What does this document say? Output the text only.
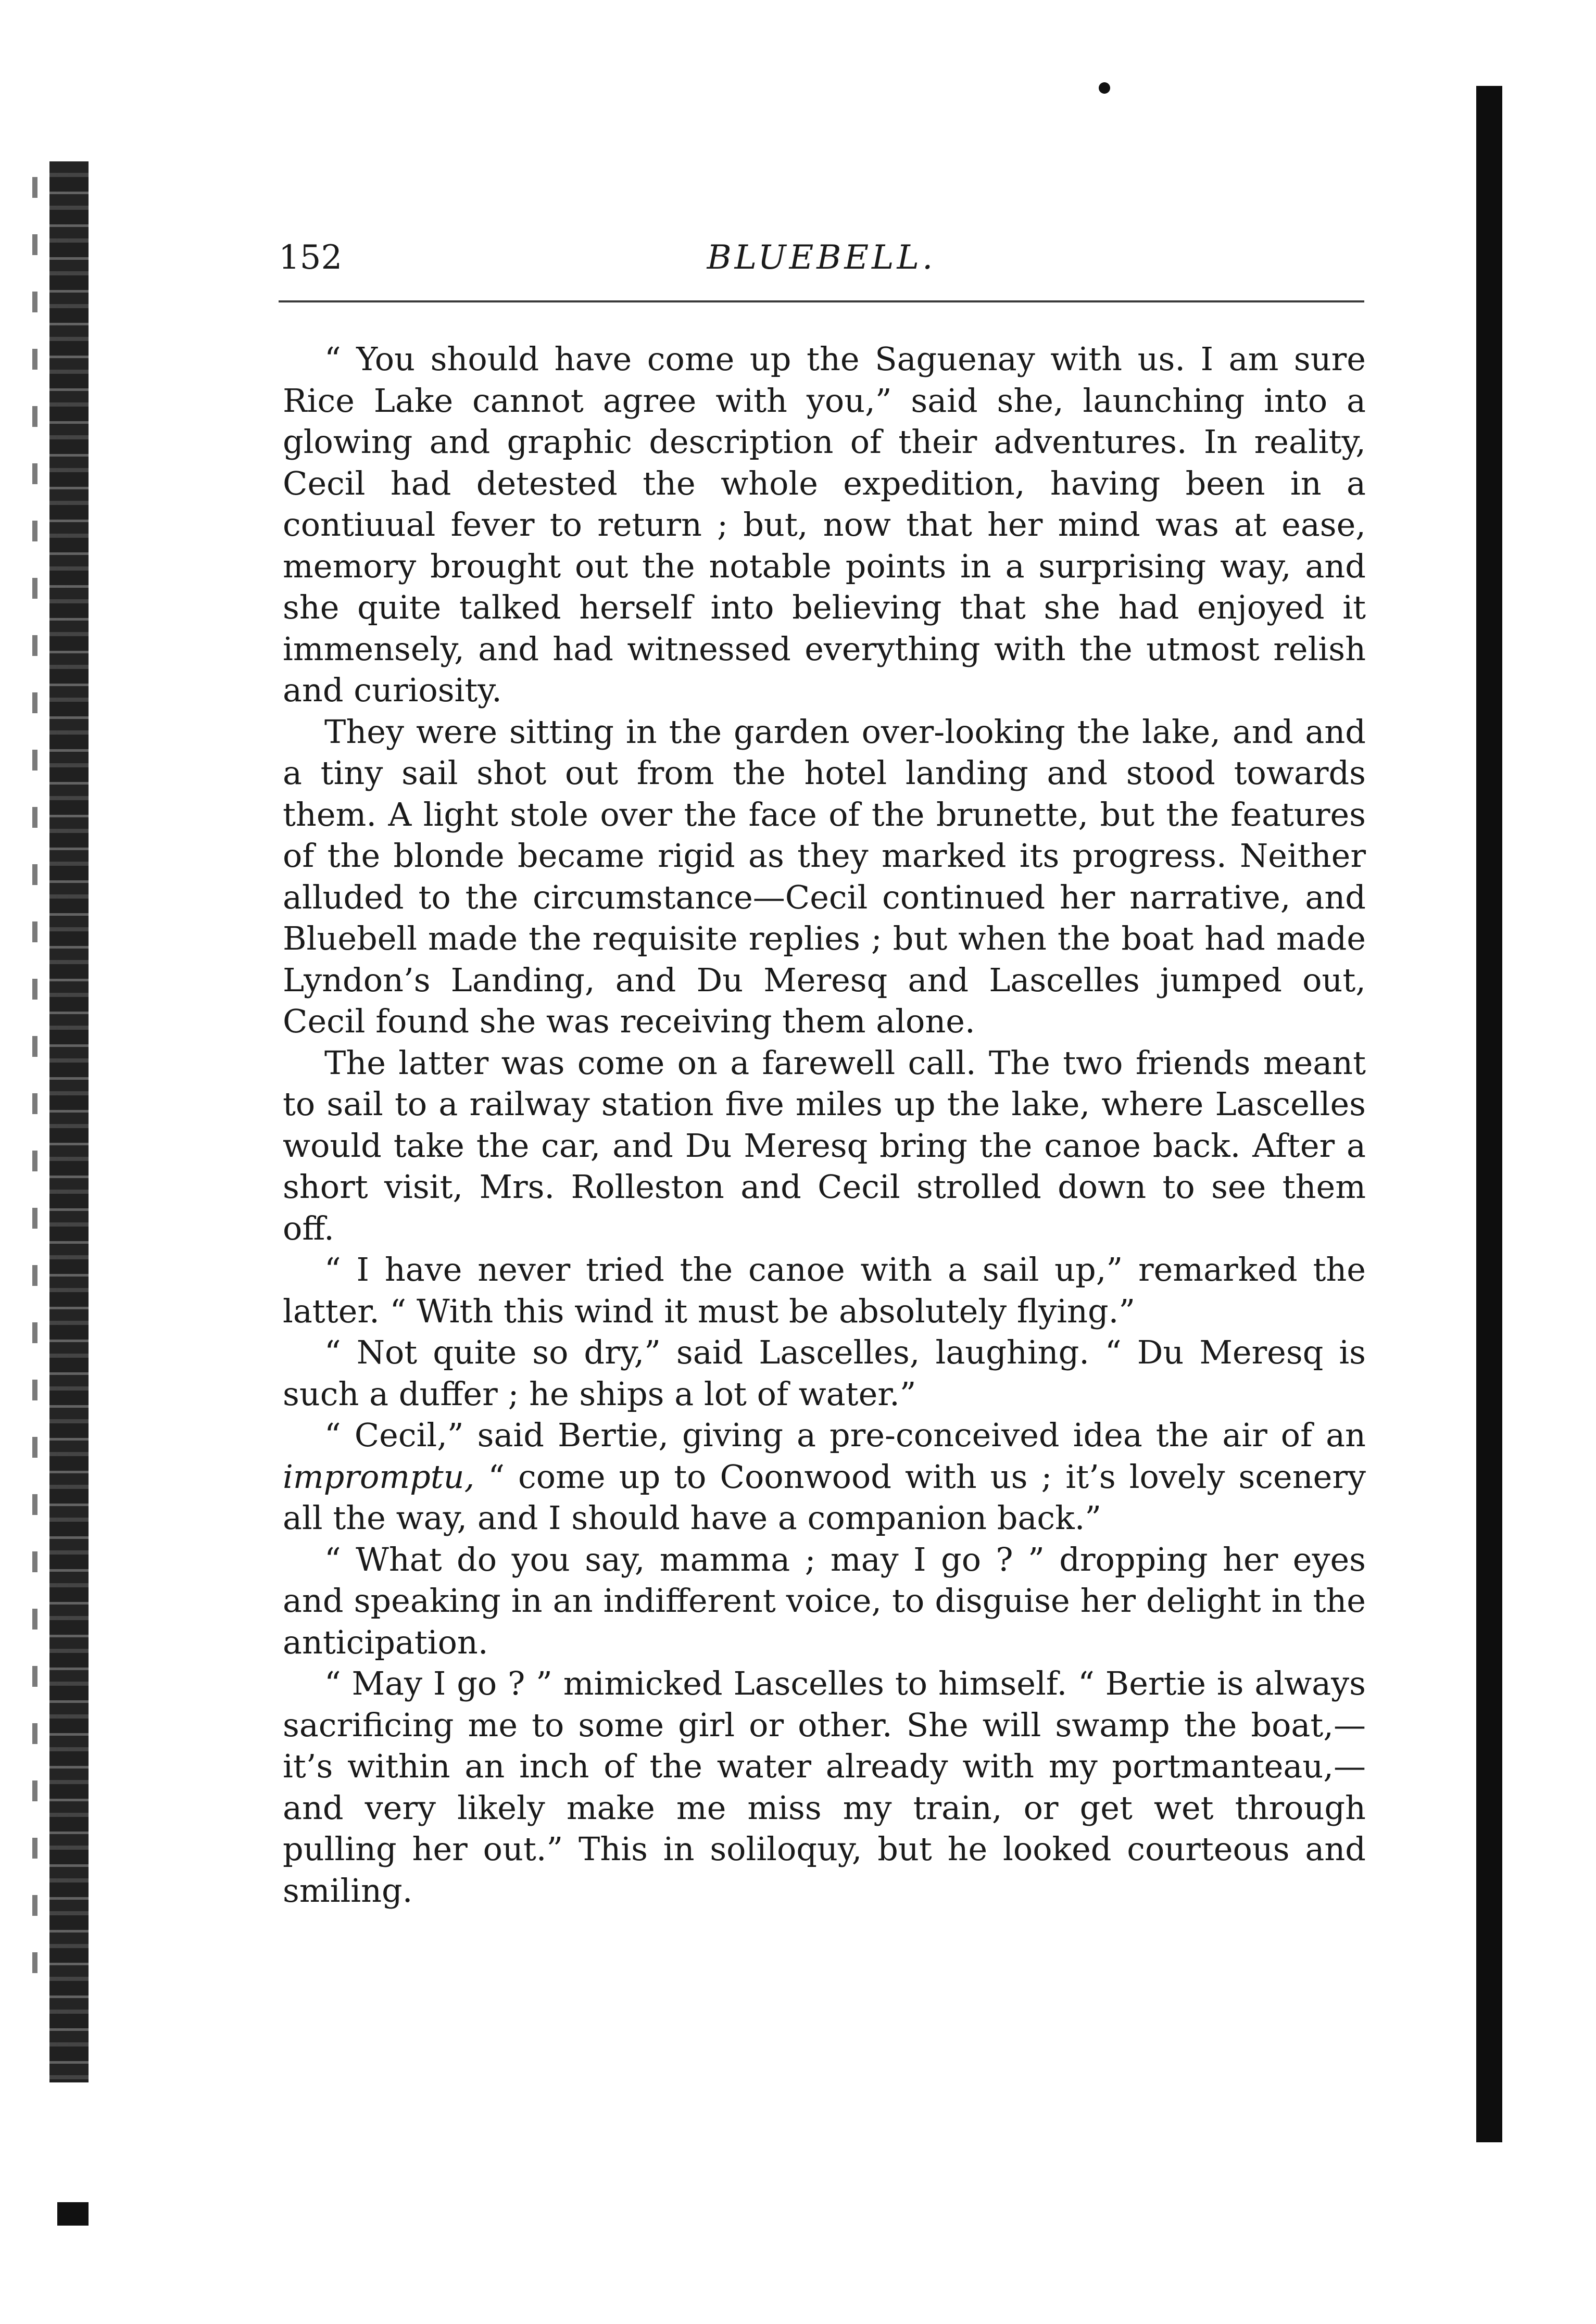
152	BLUEBELL.

“ You should have come up the Saguenay with us. I am sure Rice Lake cannot agree with you,” said she, launching into a glowing and graphic description of their adventures. In reality, Cecil had detested the whole expedition, having been in a contiuual fever to return ; but, now that her mind was at ease, memory brought out the notable points in a surprising way, and she quite talked herself into believing that she had enjoyed it immensely, and had witnessed everything with the utmost relish and curiosity.

They were sitting in the garden over-looking the lake, and and a tiny sail shot out from the hotel landing and stood towards them. A light stole over the face of the brunette, but the features of the blonde became rigid as they marked its progress. Neither alluded to the circumstance—Cecil continued her narrative, and Bluebell made the requisite replies ; but when the boat had made Lyndon’s Landing, and Du Meresq and Lascelles jumped out, Cecil found she was receiving them alone.

The latter was come on a farewell call. The two friends meant to sail to a railway station five miles up the lake, where Lascelles would take the car, and Du Meresq bring the canoe back. After a short visit, Mrs. Rolleston and Cecil strolled down to see them off.

“ I have never tried the canoe with a sail up,” remarked the latter. “ With this wind it must be absolutely flying.”

“ Not quite so dry,” said Lascelles, laughing. “ Du Meresq is such a duffer ; he ships a lot of water.”

“ Cecil,” said Bertie, giving a pre-conceived idea the air of an impromptu, “ come up to Coonwood with us ; it’s lovely scenery all the way, and I should have a companion back.”

“ What do you say, mamma ; may I go ? ” dropping her eyes and speaking in an indifferent voice, to disguise her delight in the anticipation.

“ May I go ? ” mimicked Lascelles to himself. “ Bertie is always sacrificing me to some girl or other. She will swamp the boat,—it’s within an inch of the water already with my portmanteau,—and very likely make me miss my train, or get wet through pulling her out.” This in soliloquy, but he looked courteous and smiling.
